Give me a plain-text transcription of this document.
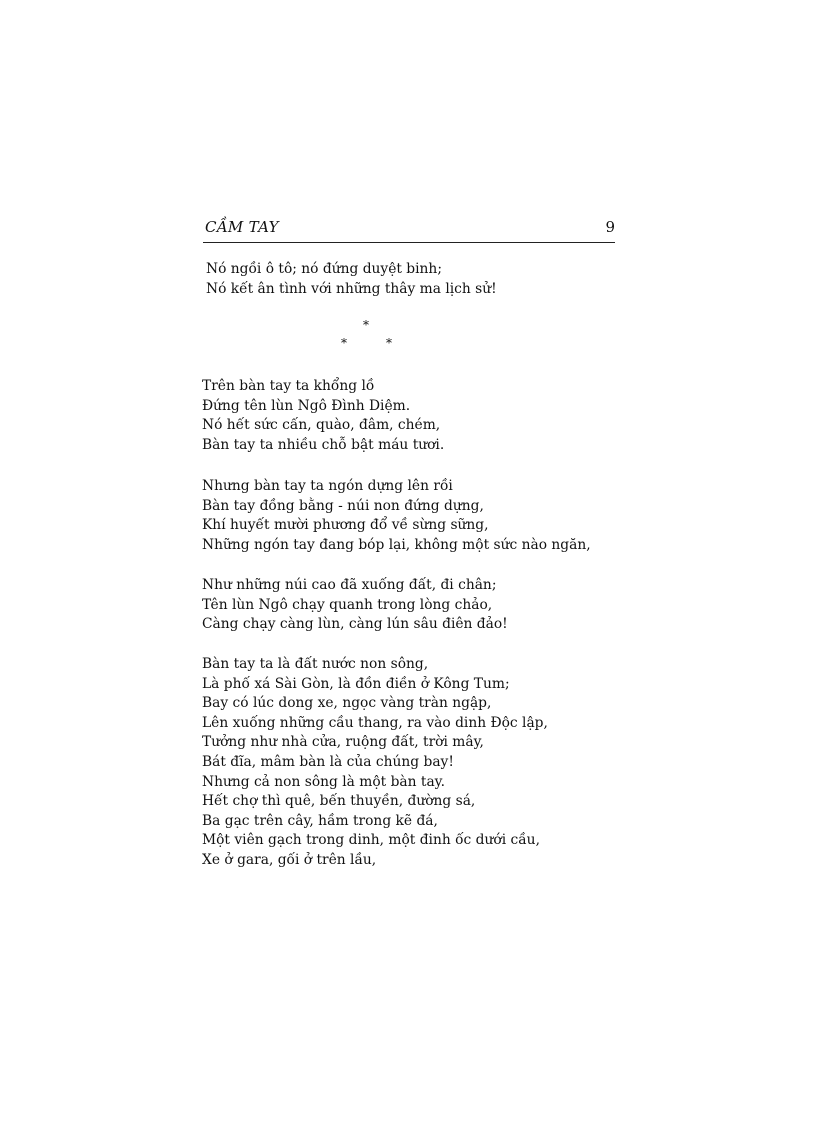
CẦM TAY	9
Nó ngồi ô tô; nó đứng duyệt binh;
Nó kết ân tình với những thây ma lịch sử!
*
*	*
Trên bàn tay ta khổng lồ
Đứng tên lùn Ngô Đình Diệm.
Nó hết sức cấn, quào, đâm, chém,
Bàn tay ta nhiều chỗ bật máu tươi.
Nhưng bàn tay ta ngón dựng lên rồi
Bàn tay đồng bằng - núi non đứng dựng,
Khí huyết mười phương đổ về sừng sững,
Những ngón tay đang bóp lại, không một sức nào ngăn,
Như những núi cao đã xuống đất, đi chân;
Tên lùn Ngô chạy quanh trong lòng chảo,
Càng chạy càng lùn, càng lún sâu điên đảo!
Bàn tay ta là đất nước non sông,
Là phố xá Sài Gòn, là đồn điền ở Kông Tum;
Bay có lúc dong xe, ngọc vàng tràn ngập,
Lên xuống những cầu thang, ra vào dinh Độc lập,
Tưởng như nhà cửa, ruộng đất, trời mây,
Bát đĩa, mâm bàn là của chúng bay!
Nhưng cả non sông là một bàn tay.
Hết chợ thì quê, bến thuyền, đường sá,
Ba gạc trên cây, hầm trong kẽ đá,
Một viên gạch trong dinh, một đinh ốc dưới cầu,
Xe ở gara, gối ở trên lầu,
